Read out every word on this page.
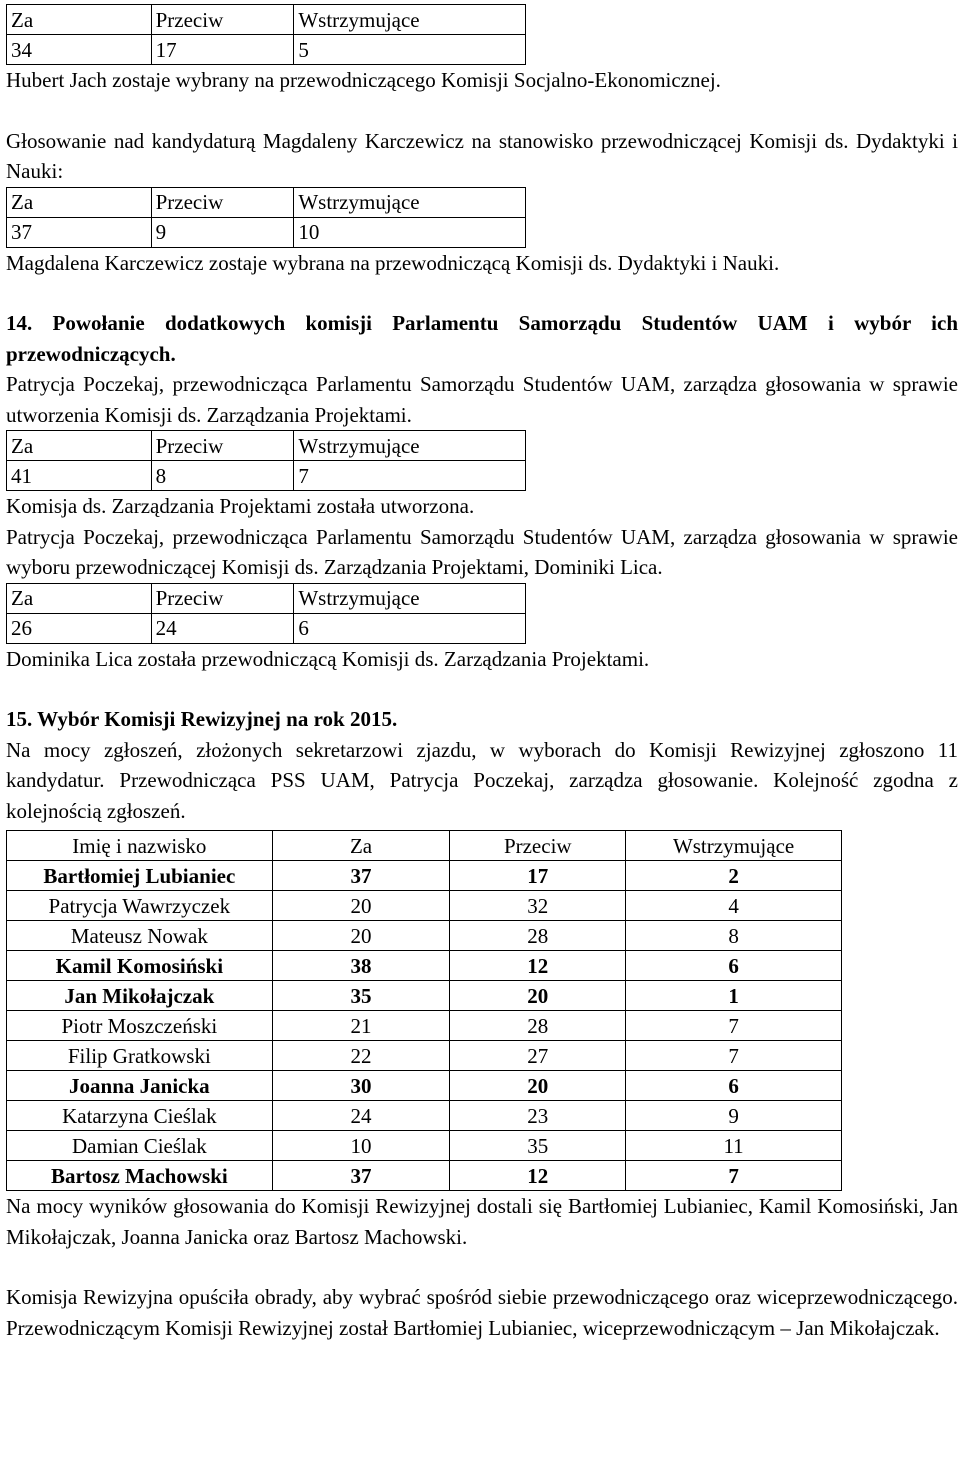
Za	Przeciw	Wstrzymujące
34	17	5

Hubert Jach zostaje wybrany na przewodniczącego Komisji Socjalno-Ekonomicznej.

Głosowanie nad kandydaturą Magdaleny Karczewicz na stanowisko przewodniczącej Komisji ds. Dydaktyki i Nauki:

Za	Przeciw	Wstrzymujące
37	9	10

Magdalena Karczewicz zostaje wybrana na przewodniczącą Komisji ds. Dydaktyki i Nauki.

14. Powołanie dodatkowych komisji Parlamentu Samorządu Studentów UAM i wybór ich przewodniczących.

Patrycja Poczekaj, przewodnicząca Parlamentu Samorządu Studentów UAM, zarządza głosowania w sprawie utworzenia Komisji ds. Zarządzania Projektami.

Za	Przeciw	Wstrzymujące
41	8	7

Komisja ds. Zarządzania Projektami została utworzona.

Patrycja Poczekaj, przewodnicząca Parlamentu Samorządu Studentów UAM, zarządza głosowania w sprawie wyboru przewodniczącej Komisji ds. Zarządzania Projektami, Dominiki Lica.

Za	Przeciw	Wstrzymujące
26	24	6

Dominika Lica została przewodniczącą Komisji ds. Zarządzania Projektami.

15. Wybór Komisji Rewizyjnej na rok 2015.

Na mocy zgłoszeń, złożonych sekretarzowi zjazdu, w wyborach do Komisji Rewizyjnej zgłoszono 11 kandydatur. Przewodnicząca PSS UAM, Patrycja Poczekaj, zarządza głosowanie. Kolejność zgodna z kolejnością zgłoszeń.

Imię i nazwisko	Za	Przeciw	Wstrzymujące
Bartłomiej Lubianiec	37	17	2
Patrycja Wawrzyczek	20	32	4
Mateusz Nowak	20	28	8
Kamil Komosiński	38	12	6
Jan Mikołajczak	35	20	1
Piotr Moszczeński	21	28	7
Filip Gratkowski	22	27	7
Joanna Janicka	30	20	6
Katarzyna Cieślak	24	23	9
Damian Cieślak	10	35	11
Bartosz Machowski	37	12	7

Na mocy wyników głosowania do Komisji Rewizyjnej dostali się Bartłomiej Lubianiec, Kamil Komosiński, Jan Mikołajczak, Joanna Janicka oraz Bartosz Machowski.

Komisja Rewizyjna opuściła obrady, aby wybrać spośród siebie przewodniczącego oraz wiceprzewodniczącego. Przewodniczącym Komisji Rewizyjnej został Bartłomiej Lubianiec, wiceprzewodniczącym – Jan Mikołajczak.
